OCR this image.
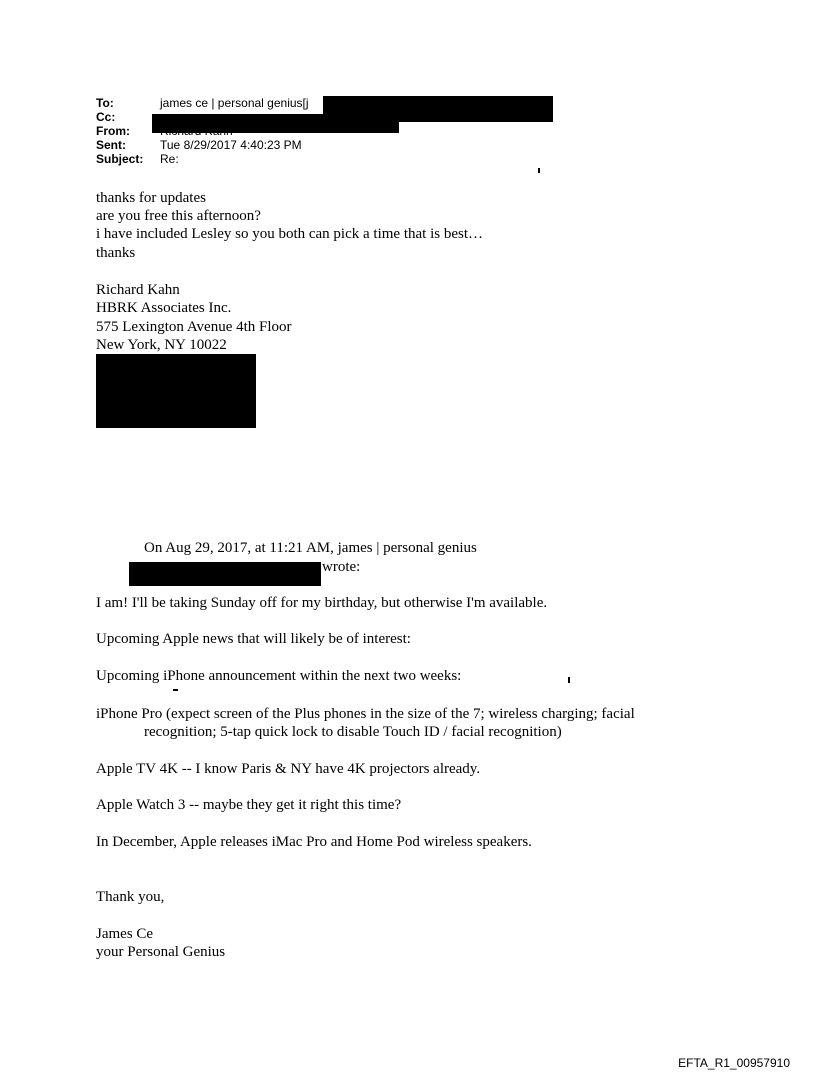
To:	james ce | personal genius[j
Cc:
From:
Sent:	Tue 8/29/2017 4:40:23 PM
Subject: Re:
thanks for updates
are you free this afternoon?
i have included Lesley so you both can pick a time that is best…
thanks
Richard Kahn
HBRK Associates Inc.
575 Lexington Avenue 4th Floor
New York, NY 10022
On Aug 29, 2017, at 11:21 AM, james | personal genius
wrote:
I am! I'll be taking Sunday off for my birthday, but otherwise I'm available.
Upcoming Apple news that will likely be of interest:
Upcoming iPhone announcement within the next two weeks:
iPhone Pro (expect screen of the Plus phones in the size of the 7; wireless charging; facial
recognition; 5-tap quick lock to disable Touch ID / facial recognition)
Apple TV 4K -- I know Paris & NY have 4K projectors already.
Apple Watch 3 -- maybe they get it right this time?
In December, Apple releases iMac Pro and Home Pod wireless speakers.
Thank you,
James Ce
your Personal Genius
EFTA_R1_00957910
